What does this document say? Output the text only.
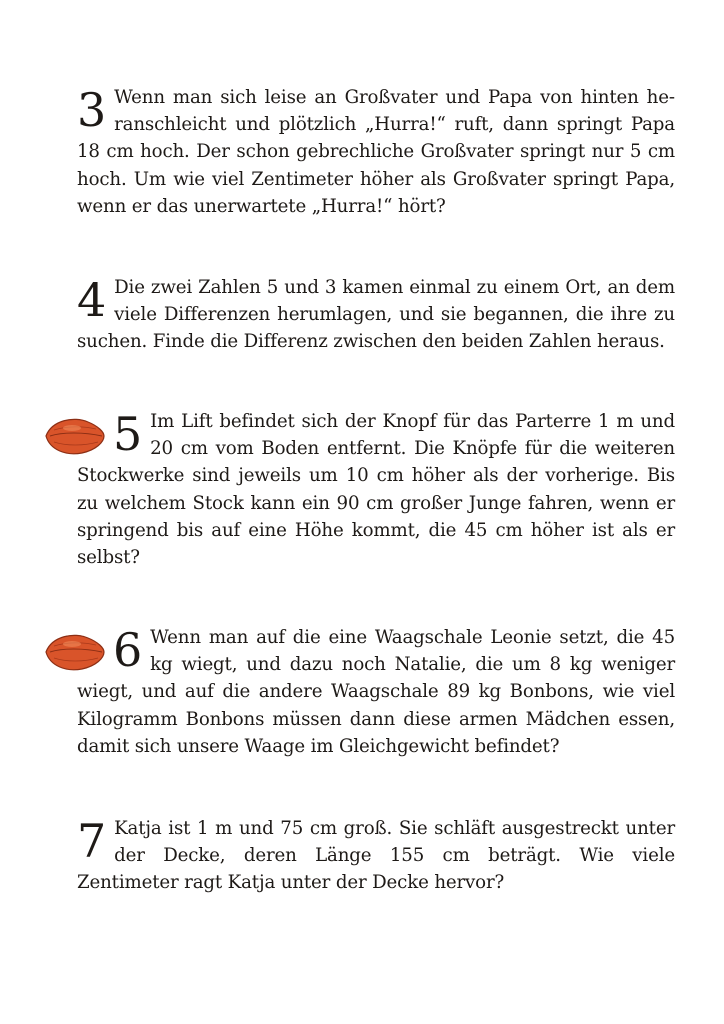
3 Wenn man sich leise an Großvater und Papa von hinten heranschleicht und plötzlich „Hurra!“ ruft, dann springt Papa 18 cm hoch. Der schon gebrechliche Großvater springt nur 5 cm hoch. Um wie viel Zentimeter höher als Großvater springt Papa, wenn er das unerwartete „Hurra!“ hört?

4 Die zwei Zahlen 5 und 3 kamen einmal zu einem Ort, an dem viele Differenzen herumlagen, und sie begannen, die ihre zu suchen. Finde die Differenz zwischen den beiden Zahlen heraus.

5 Im Lift befindet sich der Knopf für das Parterre 1 m und 20 cm vom Boden entfernt. Die Knöpfe für die weiteren Stockwerke sind jeweils um 10 cm höher als der vorherige. Bis zu welchem Stock kann ein 90 cm großer Junge fahren, wenn er springend bis auf eine Höhe kommt, die 45 cm höher ist als er selbst?

6 Wenn man auf die eine Waagschale Leonie setzt, die 45 kg wiegt, und dazu noch Natalie, die um 8 kg weniger wiegt, und auf die andere Waagschale 89 kg Bonbons, wie viel Kilogramm Bonbons müssen dann diese armen Mädchen essen, damit sich unsere Waage im Gleichgewicht befindet?

7 Katja ist 1 m und 75 cm groß. Sie schläft ausgestreckt unter der Decke, deren Länge 155 cm beträgt. Wie viele Zentimeter ragt Katja unter der Decke hervor?
